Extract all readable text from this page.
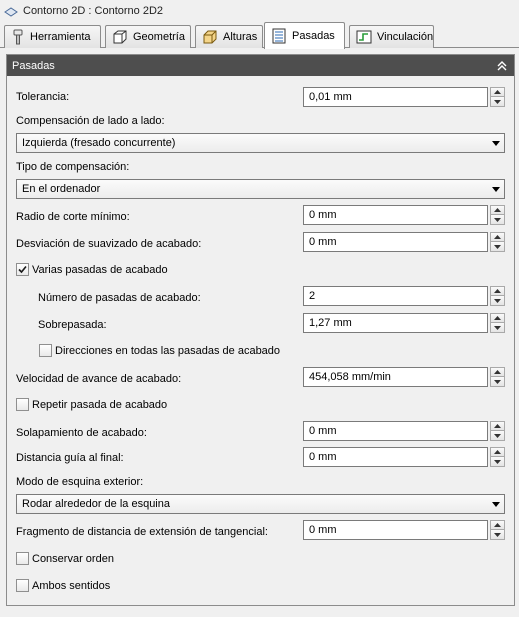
Contorno 2D : Contorno 2D2
Herramienta	Geometría	Alturas	Pasadas	Vinculación
Pasadas
Tolerancia:	0,01 mm
Compensación de lado a lado:
Izquierda (fresado concurrente)
Tipo de compensación:
En el ordenador
Radio de corte mínimo:	0 mm
Desviación de suavizado de acabado:	0 mm
Varias pasadas de acabado
Número de pasadas de acabado:	2
Sobrepasada:	1,27 mm
Direcciones en todas las pasadas de acabado
Velocidad de avance de acabado:	454,058 mm/min
Repetir pasada de acabado
Solapamiento de acabado:	0 mm
Distancia guía al final:	0 mm
Modo de esquina exterior:
Rodar alrededor de la esquina
Fragmento de distancia de extensión de tangencial:	0 mm
Conservar orden
Ambos sentidos
